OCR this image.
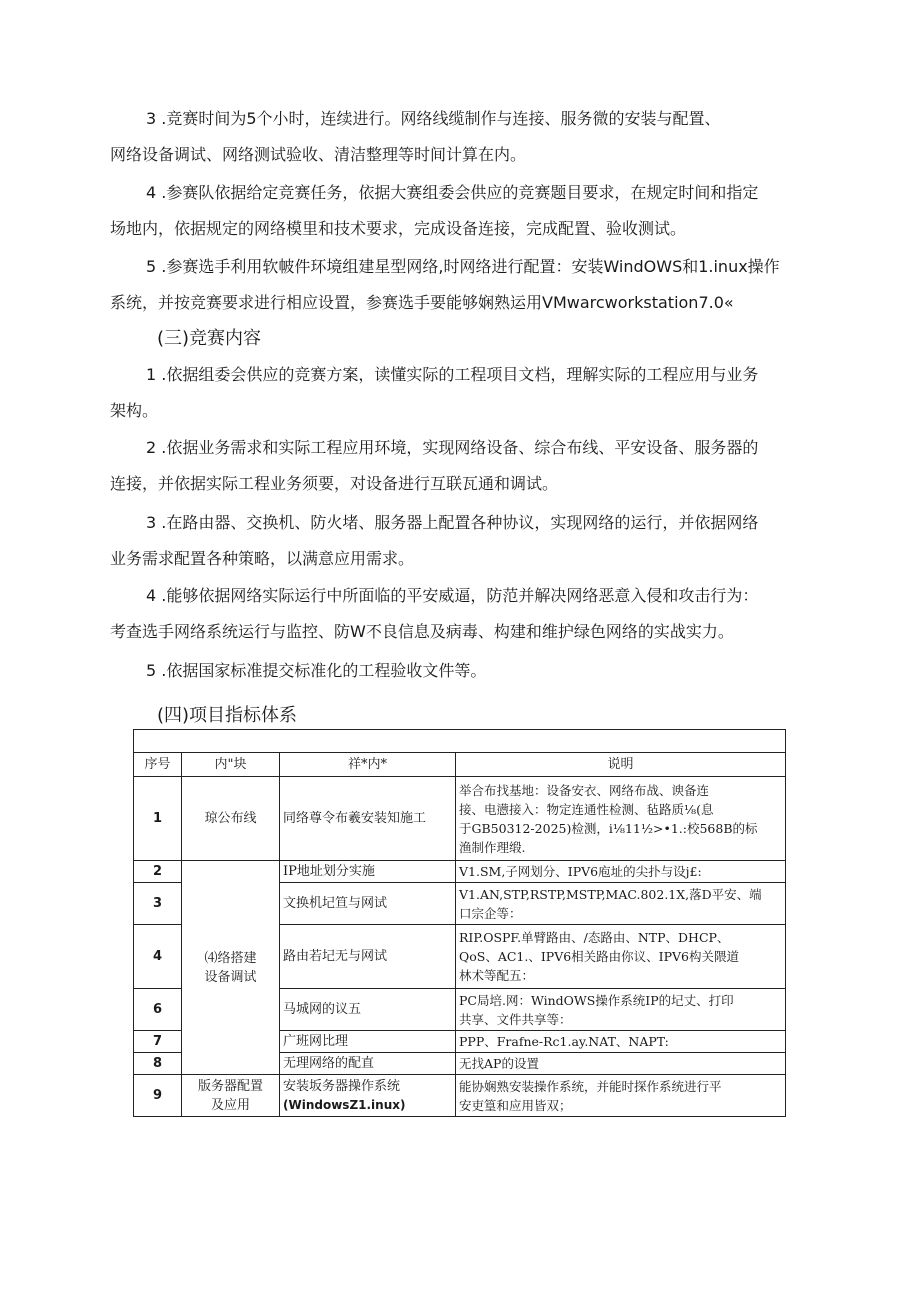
3 .竞赛时间为5个小时，连续进行。网络线缆制作与连接、服务微的安装与配置、
网络设备调试、网络测试验收、清洁整理等时间计算在内。
4 .参赛队依据给定竞赛任务，依据大赛组委会供应的竞赛题目要求，在规定时间和指定
场地内，依据规定的网络模里和技术要求，完成设备连接，完成配置、验收测试。
5 .参赛选手利用软帔件环境组建星型网络,时网络进行配置：安装WindOWS和1.inux操作
系统，并按竞赛要求进行相应设置，参赛选手要能够娴熟运用VMwarcworkstation7.0«
(三)竞赛内容
1 .依据组委会供应的竞赛方案，读懂实际的工程项目文档，理解实际的工程应用与业务
架构。
2 .依据业务需求和实际工程应用环境，实现网络设备、综合布线、平安设备、服务器的
连接，并依据实际工程业务须要，对设备进行互联瓦通和调试。
3 .在路由器、交换机、防火堵、服务器上配置各种协议，实现网络的运行，并依据网络
业务需求配置各种策略，以满意应用需求。
4 .能够依据网络实际运行中所面临的平安威逼，防范并解决网络恶意入侵和攻击行为：
考查选手网络系统运行与监控、防W不良信息及病毒、构建和维护绿色网络的实战实力。
5 .依据国家标准提交标准化的工程验收文件等。
(四)项目指标体系

序号	内"块	祥*内*	说明
1	琼公布线	同络尊令布羲安装知施工	举合布找基地：设备安衣、网络布战、谀备连
接、电懑接入：物定连通性检测、毡路质⅛(息
于GB50312-2025)检测，i⅛11½>•1.:校568B的标
渔制作理缎.

2	⑷络搭建
设备调试	IP地址划分实施	V1.SM,子网划分、IPV6庖址的尖扑与设j£:

3		文换机圮笪与网试	V1.AN,STP,RSTP,MSTP,MAC.802.1X,落D平安、端
口宗企等：

4		路由若圮无与网试	RIP.OSPF.单臂路由、/态路由、NTP、DHCP、
QoS、AC1.、IPV6相关路由你议、IPV6构关隈道
林术等配五：

6		马城网的议五	PC局培.网：WindOWS操作系统IP的圮丈、打印
共享、文件共享等：

7		广班网比理	PPP、Frafne-Rc1.ay.NAT、NAPT:

8		无理网络的配直	无找AP的设置

9	版务器配置
及应用	安装坂务器操作系统
(WindowsZ1.inux)	能协娴熟安装操作系统，并能时探作系统进行平
安吏篁和应用皆双；
